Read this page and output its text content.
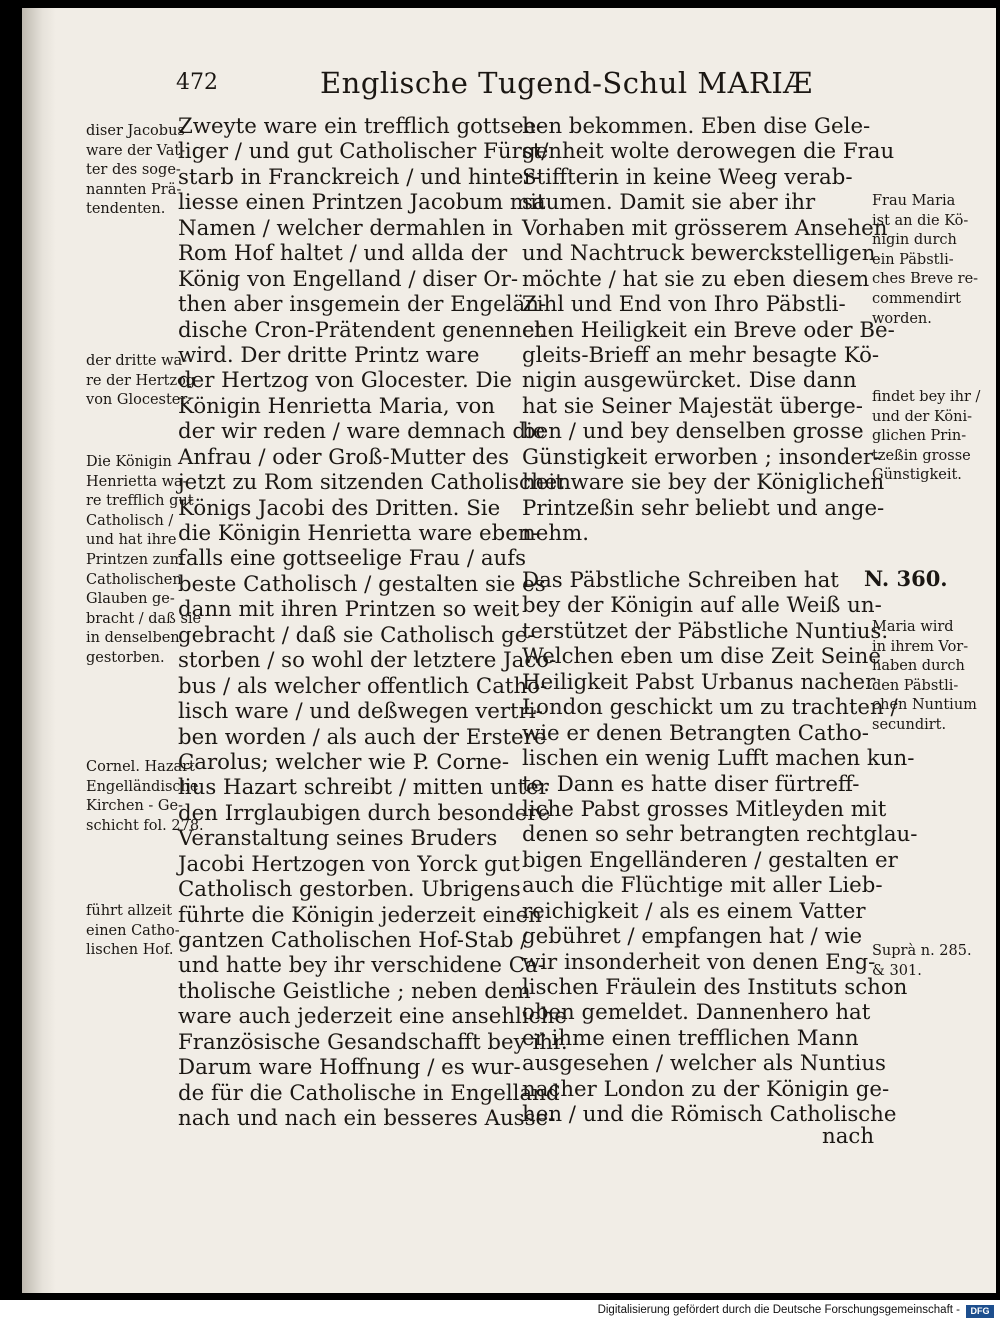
472	Englische Tugend-Schul MARIÆ
Zweyte ware ein trefflich gottsee-
liger / und gut Catholischer Fürst/
starb in Franckreich / und hinter-
liesse einen Printzen Jacobum mit
Namen / welcher dermahlen in
Rom Hof haltet / und allda der
König von Engelland / diser Or-
then aber insgemein der Engelän-
dische Cron-Prätendent genennet
wird. Der dritte Printz ware
der Hertzog von Glocester. Die
Königin Henrietta Maria, von
der wir reden / ware demnach die
Anfrau / oder Groß-Mutter des
jetzt zu Rom sitzenden Catholischen
Königs Jacobi des Dritten. Sie
die Königin Henrietta ware eben-
falls eine gottseelige Frau / aufs
beste Catholisch / gestalten sie es
dann mit ihren Printzen so weit
gebracht / daß sie Catholisch ge-
storben / so wohl der letztere Jaco-
bus / als welcher offentlich Catho-
lisch ware / und deßwegen vertri-
ben worden / als auch der Erstere
Carolus; welcher wie P. Corne-
lius Hazart schreibt / mitten unter
den Irrglaubigen durch besondere
Veranstaltung seines Bruders
Jacobi Hertzogen von Yorck gut
Catholisch gestorben. Ubrigens
führte die Königin jederzeit einen
gantzen Catholischen Hof-Stab /
und hatte bey ihr verschidene Ca-
tholische Geistliche ; neben dem
ware auch jederzeit eine ansehliche
Französische Gesandschafft bey ihr.
Darum ware Hoffnung / es wur-
de für die Catholische in Engelland
nach und nach ein besseres Ausse-
hen bekommen. Eben dise Gele-
genheit wolte derowegen die Frau
Stiffterin in keine Weeg verab-
saumen. Damit sie aber ihr
Vorhaben mit grösserem Ansehen
und Nachtruck bewerckstelligen
möchte / hat sie zu eben diesem
Zihl und End von Ihro Päbstli-
chen Heiligkeit ein Breve oder Be-
gleits-Brieff an mehr besagte Kö-
nigin ausgewürcket. Dise dann
hat sie Seiner Majestät überge-
ben / und bey denselben grosse
Günstigkeit erworben ; insonder-
heit ware sie bey der Königlichen
Printzeßin sehr beliebt und ange-
nehm.
Das Päbstliche Schreiben hat
bey der Königin auf alle Weiß un-
terstützet der Päbstliche Nuntius.
Welchen eben um dise Zeit Seine
Heiligkeit Pabst Urbanus nacher
London geschickt um zu trachten /
wie er denen Betrangten Catho-
lischen ein wenig Lufft machen kun-
te. Dann es hatte diser fürtreff-
liche Pabst grosses Mitleyden mit
denen so sehr betrangten rechtglau-
bigen Engelländeren / gestalten er
auch die Flüchtige mit aller Lieb-
reichigkeit / als es einem Vatter
gebühret / empfangen hat / wie
wir insonderheit von denen Eng-
lischen Fräulein des Instituts schon
oben gemeldet. Dannenhero hat
er ihme einen trefflichen Mann
ausgesehen / welcher als Nuntius
nacher London zu der Königin ge-
hen / und die Römisch Catholische
N. 360.
nach
diser Jacobus
ware der Vat-
ter des soge-
nannten Prä-
tendenten.
der dritte wa-
re der Hertzog
von Glocester.
Die Königin
Henrietta wa-
re trefflich gut
Catholisch /
und hat ihre
Printzen zum
Catholischen
Glauben ge-
bracht / daß sie
in denselben
gestorben.
Cornel. Hazart
Engelländische
Kirchen - Ge-
schicht fol. 278.
führt allzeit
einen Catho-
lischen Hof.
Frau Maria
ist an die Kö-
nigin durch
ein Päbstli-
ches Breve re-
commendirt
worden.
findet bey ihr /
und der Köni-
glichen Prin-
tzeßin grosse
Günstigkeit.
Maria wird
in ihrem Vor-
haben durch
den Päbstli-
chen Nuntium
secundirt.
Suprà n. 285.
& 301.
Digitalisierung gefördert durch die Deutsche Forschungsgemeinschaft -	DFG
